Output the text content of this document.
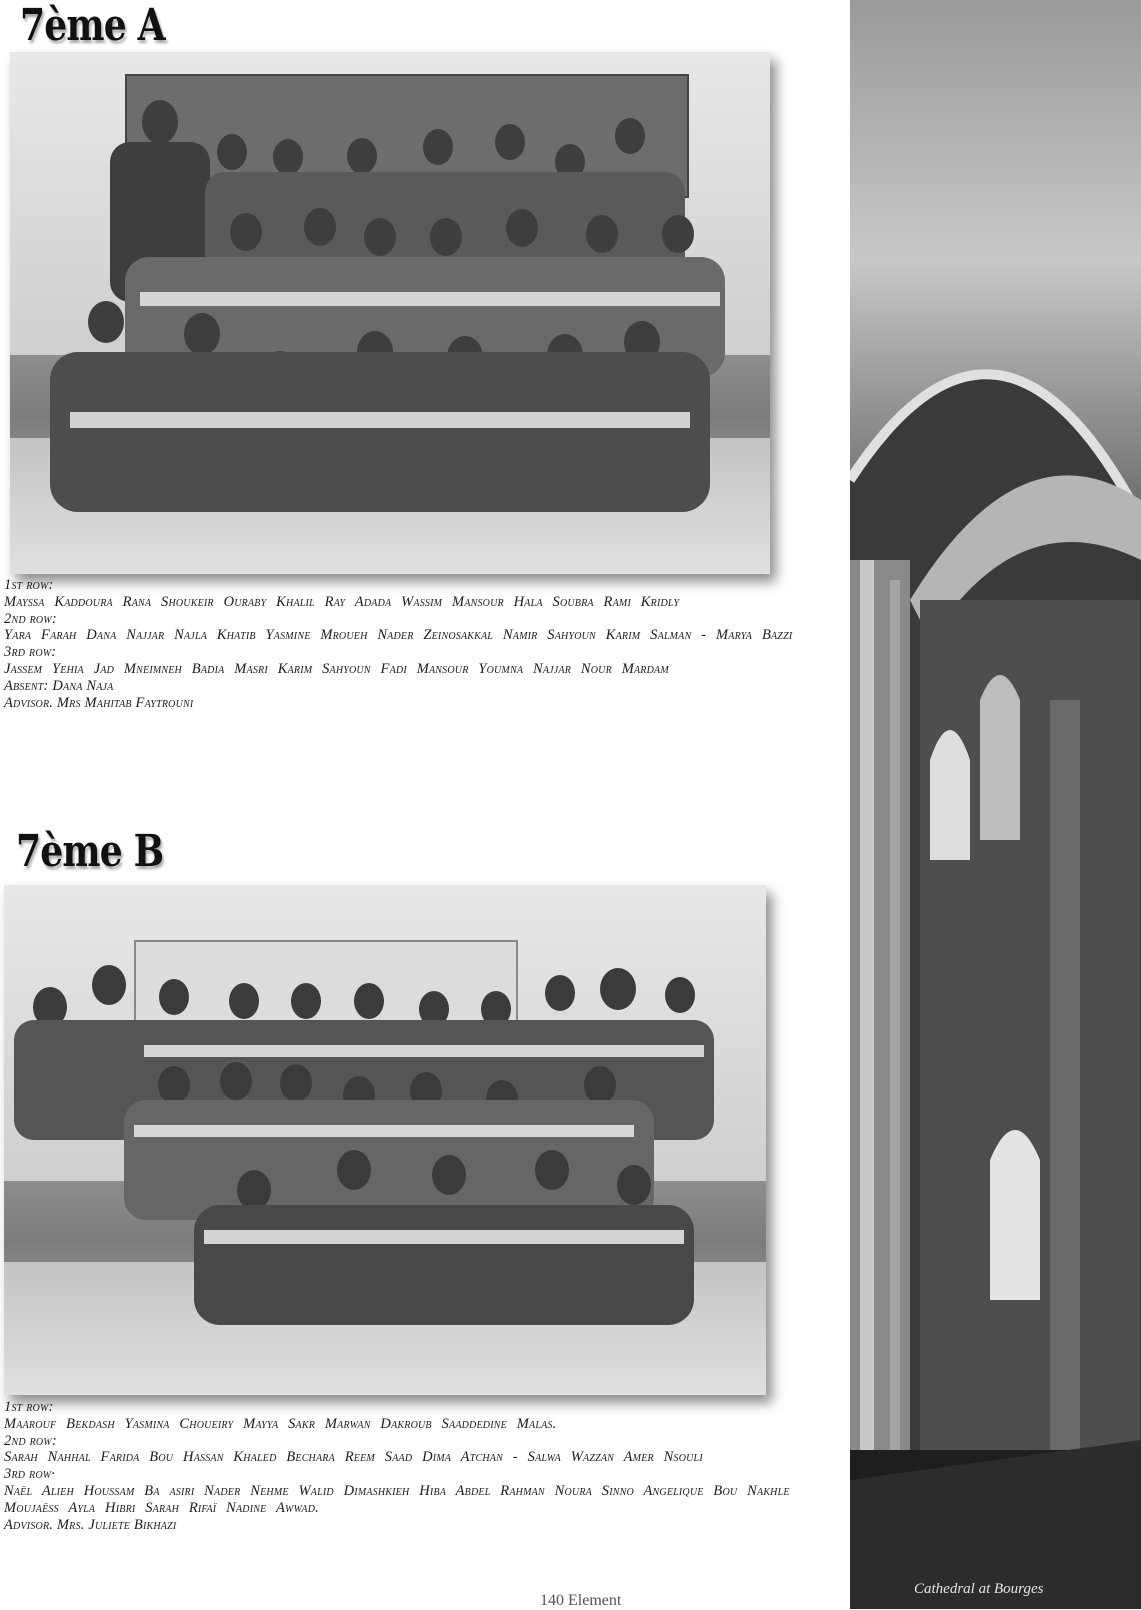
7ème A
1st row:
Mayssa Kaddoura Rana Shoukeir Ouraby Khalil Ray Adada Wassim Mansour Hala Soubra Rami Kridly
2nd row:
Yara Farah Dana Najjar Najla Khatib Yasmine Mroueh Nader Zeinosakkal Namir Sahyoun Karim Salman - Marya Bazzi
3rd row:
Jassem Yehia Jad Mneimneh Badia Masri Karim Sahyoun Fadi Mansour Youmna Najjar Nour Mardam
Absent: Dana Naja
Advisor. Mrs Mahitab Faytrouni
7ème B
1st row:
Maarouf Bekdash Yasmina Choueiry Mayya Sakr Marwan Dakroub Saaddedine Malas.
2nd row:
Sarah Nahhal Farida Bou Hassan Khaled Bechara Reem Saad Dima Atchan - Salwa Wazzan Amer Nsouli
3rd row·
Naël Alieh Houssam Ba asiri Nader Nehme Walid Dimashkieh Hiba Abdel Rahman Noura Sinno Angelique Bou Nakhle Moujaëss Ayla Hibri Sarah Rifaï Nadine Awwad.
Advisor. Mrs. Juliete Bikhazi

Cathedral at Bourges

140 Element
